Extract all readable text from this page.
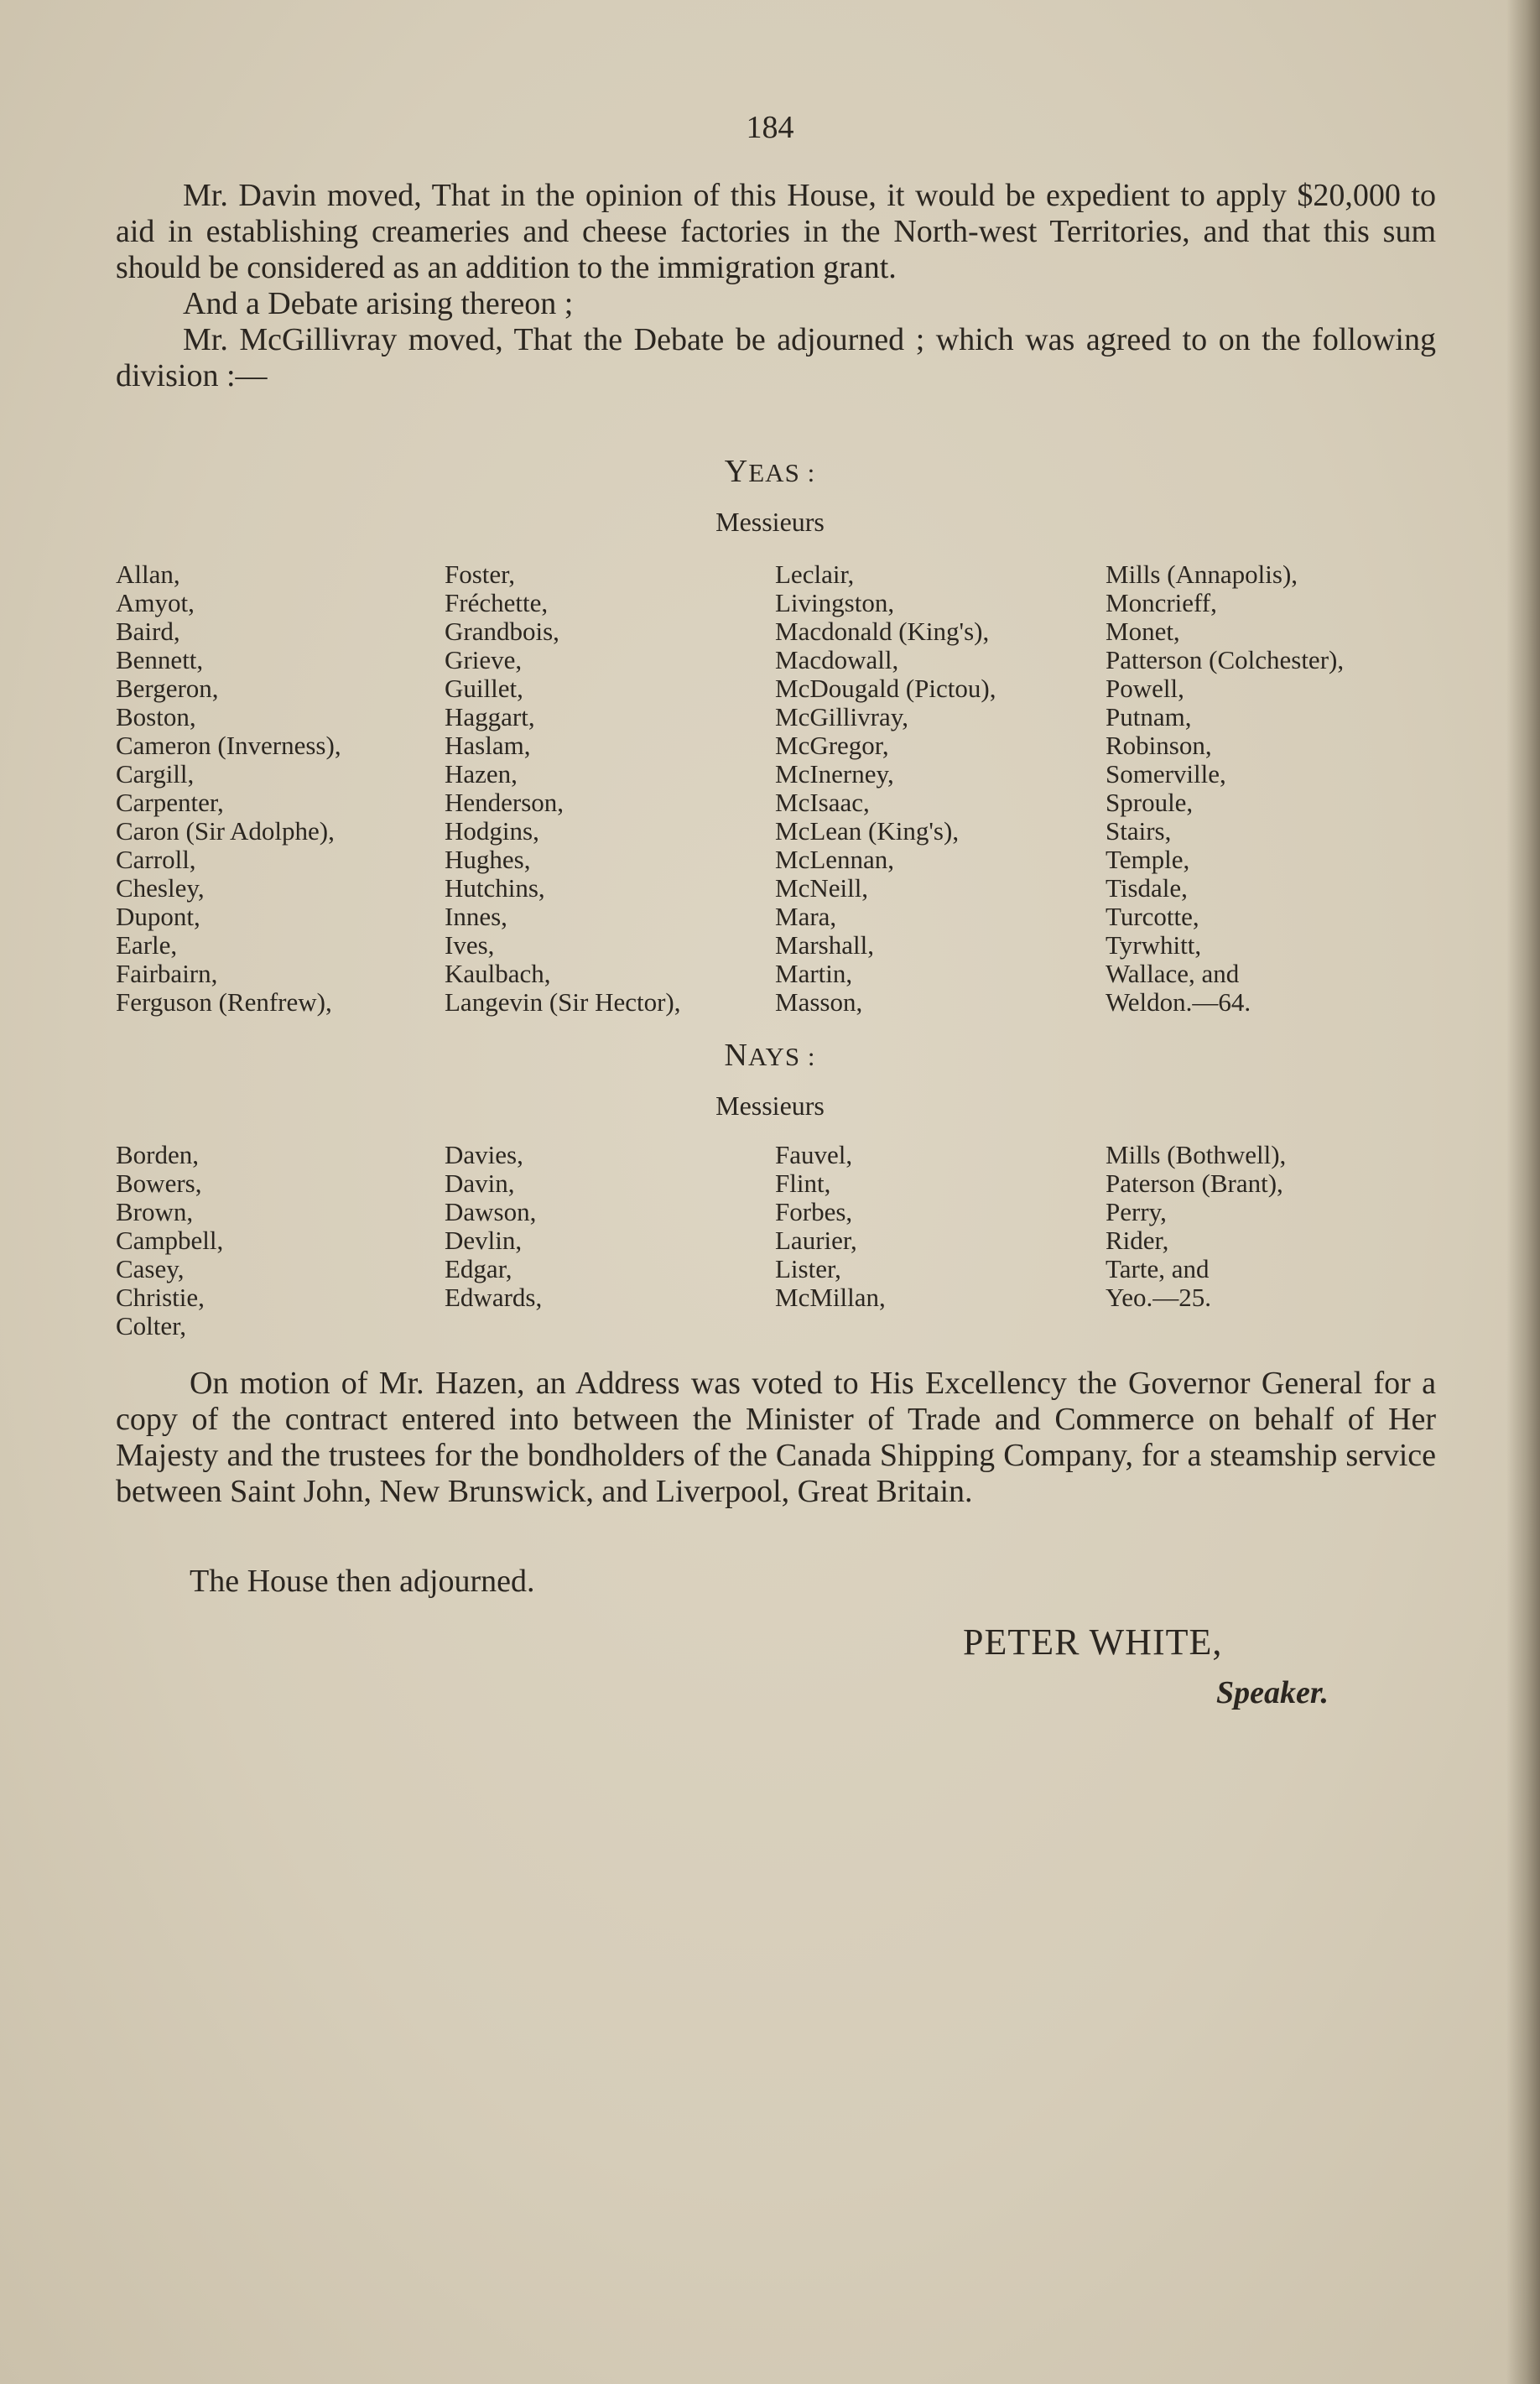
184

Mr. Davin moved, That in the opinion of this House, it would be expedient to apply $20,000 to aid in establishing creameries and cheese factories in the North-west Territories, and that this sum should be considered as an addition to the immigration grant.

And a Debate arising thereon ;

Mr. McGillivray moved, That the Debate be adjourned ; which was agreed to on the following division :—

YEAS :
Messieurs
Allan,
Amyot,
Baird,
Bennett,
Bergeron,
Boston,
Cameron (Inverness),
Cargill,
Carpenter,
Caron (Sir Adolphe),
Carroll,
Chesley,
Dupont,
Earle,
Fairbairn,
Ferguson (Renfrew),
Foster,
Fréchette,
Grandbois,
Grieve,
Guillet,
Haggart,
Haslam,
Hazen,
Henderson,
Hodgins,
Hughes,
Hutchins,
Innes,
Ives,
Kaulbach,
Langevin (Sir Hector),
Leclair,
Livingston,
Macdonald (King's),
Macdowall,
McDougald (Pictou),
McGillivray,
McGregor,
McInerney,
McIsaac,
McLean (King's),
McLennan,
McNeill,
Mara,
Marshall,
Martin,
Masson,
Mills (Annapolis),
Moncrieff,
Monet,
Patterson (Colchester),
Powell,
Putnam,
Robinson,
Somerville,
Sproule,
Stairs,
Temple,
Tisdale,
Turcotte,
Tyrwhitt,
Wallace, and
Weldon.—64.
NAYS :
Messieurs
Borden,
Bowers,
Brown,
Campbell,
Casey,
Christie,
Colter,
Davies,
Davin,
Dawson,
Devlin,
Edgar,
Edwards,
Fauvel,
Flint,
Forbes,
Laurier,
Lister,
McMillan,
Mills (Bothwell),
Paterson (Brant),
Perry,
Rider,
Tarte, and
Yeo.—25.

On motion of Mr. Hazen, an Address was voted to His Excellency the Governor General for a copy of the contract entered into between the Minister of Trade and Commerce on behalf of Her Majesty and the trustees for the bondholders of the Canada Shipping Company, for a steamship service between Saint John, New Brunswick, and Liverpool, Great Britain.

The House then adjourned.

PETER WHITE,
Speaker.
